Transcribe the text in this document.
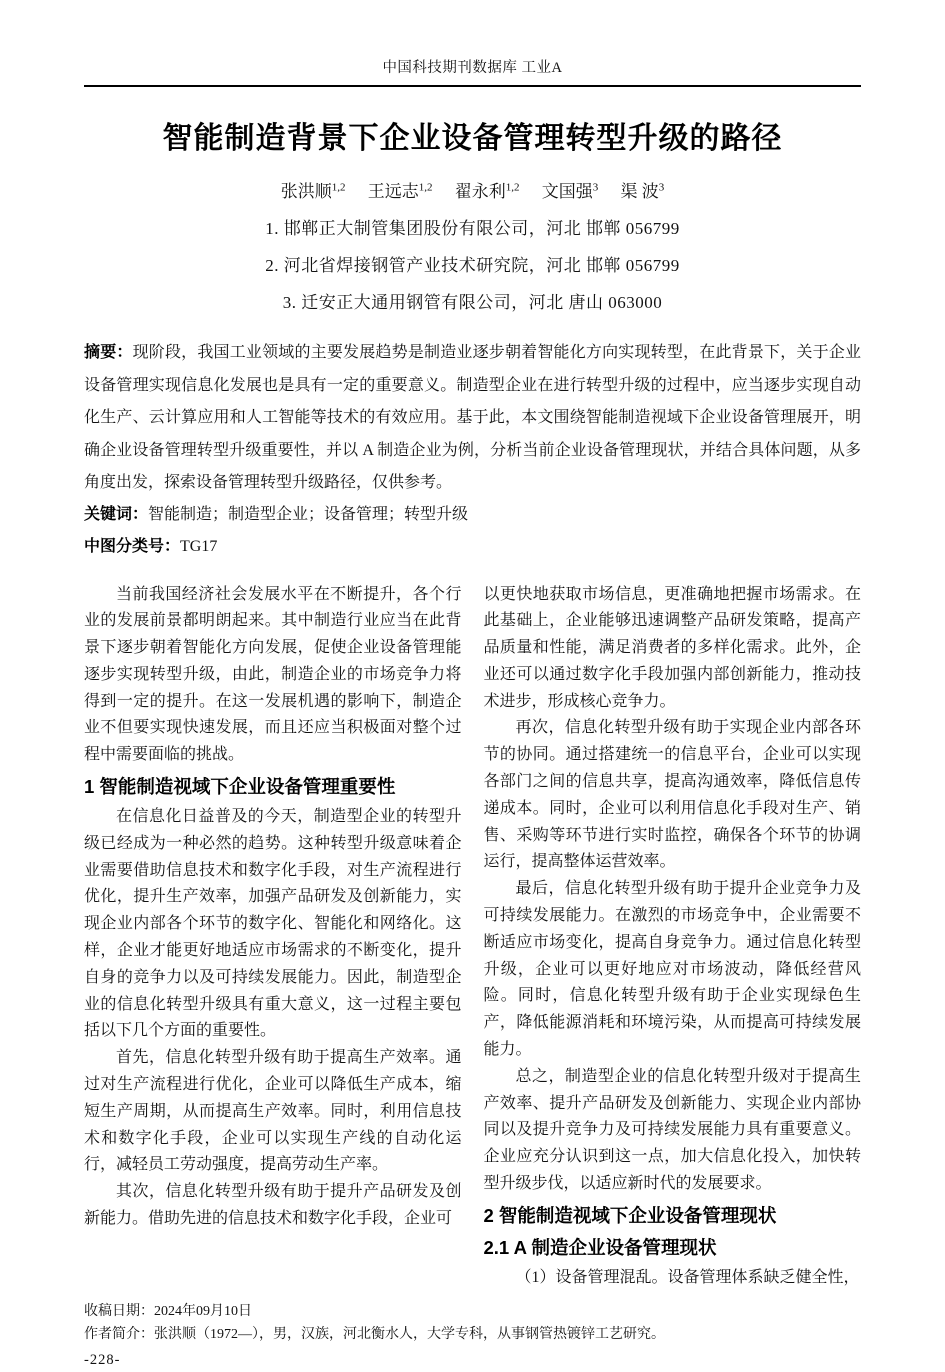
中国科技期刊数据库 工业A
智能制造背景下企业设备管理转型升级的路径
张洪顺$^{1,2}$ 王远志$^{1,2}$ 翟永利$^{1,2}$ 文国强$^3$ 渠 波$^3$
1. 邯郸正大制管集团股份有限公司，河北 邯郸 056799
2. 河北省焊接钢管产业技术研究院，河北 邯郸 056799
3. 迁安正大通用钢管有限公司，河北 唐山 063000
摘要：现阶段，我国工业领域的主要发展趋势是制造业逐步朝着智能化方向实现转型，在此背景下，关于企业设备管理实现信息化发展也是具有一定的重要意义。制造型企业在进行转型升级的过程中，应当逐步实现自动化生产、云计算应用和人工智能等技术的有效应用。基于此，本文围绕智能制造视域下企业设备管理展开，明确企业设备管理转型升级重要性，并以 A 制造企业为例，分析当前企业设备管理现状，并结合具体问题，从多角度出发，探索设备管理转型升级路径，仅供参考。
关键词：智能制造；制造型企业；设备管理；转型升级
中图分类号：TG17

当前我国经济社会发展水平在不断提升，各个行业的发展前景都明朗起来。其中制造行业应当在此背景下逐步朝着智能化方向发展，促使企业设备管理能逐步实现转型升级，由此，制造企业的市场竞争力将得到一定的提升。在这一发展机遇的影响下，制造企业不但要实现快速发展，而且还应当积极面对整个过程中需要面临的挑战。

1 智能制造视域下企业设备管理重要性

在信息化日益普及的今天，制造型企业的转型升级已经成为一种必然的趋势。这种转型升级意味着企业需要借助信息技术和数字化手段，对生产流程进行优化，提升生产效率，加强产品研发及创新能力，实现企业内部各个环节的数字化、智能化和网络化。这样，企业才能更好地适应市场需求的不断变化，提升自身的竞争力以及可持续发展能力。因此，制造型企业的信息化转型升级具有重大意义，这一过程主要包括以下几个方面的重要性。

首先，信息化转型升级有助于提高生产效率。通过对生产流程进行优化，企业可以降低生产成本，缩短生产周期，从而提高生产效率。同时，利用信息技术和数字化手段，企业可以实现生产线的自动化运行，减轻员工劳动强度，提高劳动生产率。

其次，信息化转型升级有助于提升产品研发及创新能力。借助先进的信息技术和数字化手段，企业可

以更快地获取市场信息，更准确地把握市场需求。在此基础上，企业能够迅速调整产品研发策略，提高产品质量和性能，满足消费者的多样化需求。此外，企业还可以通过数字化手段加强内部创新能力，推动技术进步，形成核心竞争力。

再次，信息化转型升级有助于实现企业内部各环节的协同。通过搭建统一的信息平台，企业可以实现各部门之间的信息共享，提高沟通效率，降低信息传递成本。同时，企业可以利用信息化手段对生产、销售、采购等环节进行实时监控，确保各个环节的协调运行，提高整体运营效率。

最后，信息化转型升级有助于提升企业竞争力及可持续发展能力。在激烈的市场竞争中，企业需要不断适应市场变化，提高自身竞争力。通过信息化转型升级，企业可以更好地应对市场波动，降低经营风险。同时，信息化转型升级有助于企业实现绿色生产，降低能源消耗和环境污染，从而提高可持续发展能力。

总之，制造型企业的信息化转型升级对于提高生产效率、提升产品研发及创新能力、实现企业内部协同以及提升竞争力及可持续发展能力具有重要意义。企业应充分认识到这一点，加大信息化投入，加快转型升级步伐，以适应新时代的发展要求。

2 智能制造视域下企业设备管理现状
2.1 A 制造企业设备管理现状

（1）设备管理混乱。设备管理体系缺乏健全性，

收稿日期：2024年09月10日
作者简介：张洪顺（1972—），男，汉族，河北衡水人，大学专科，从事钢管热镀锌工艺研究。
-228-
